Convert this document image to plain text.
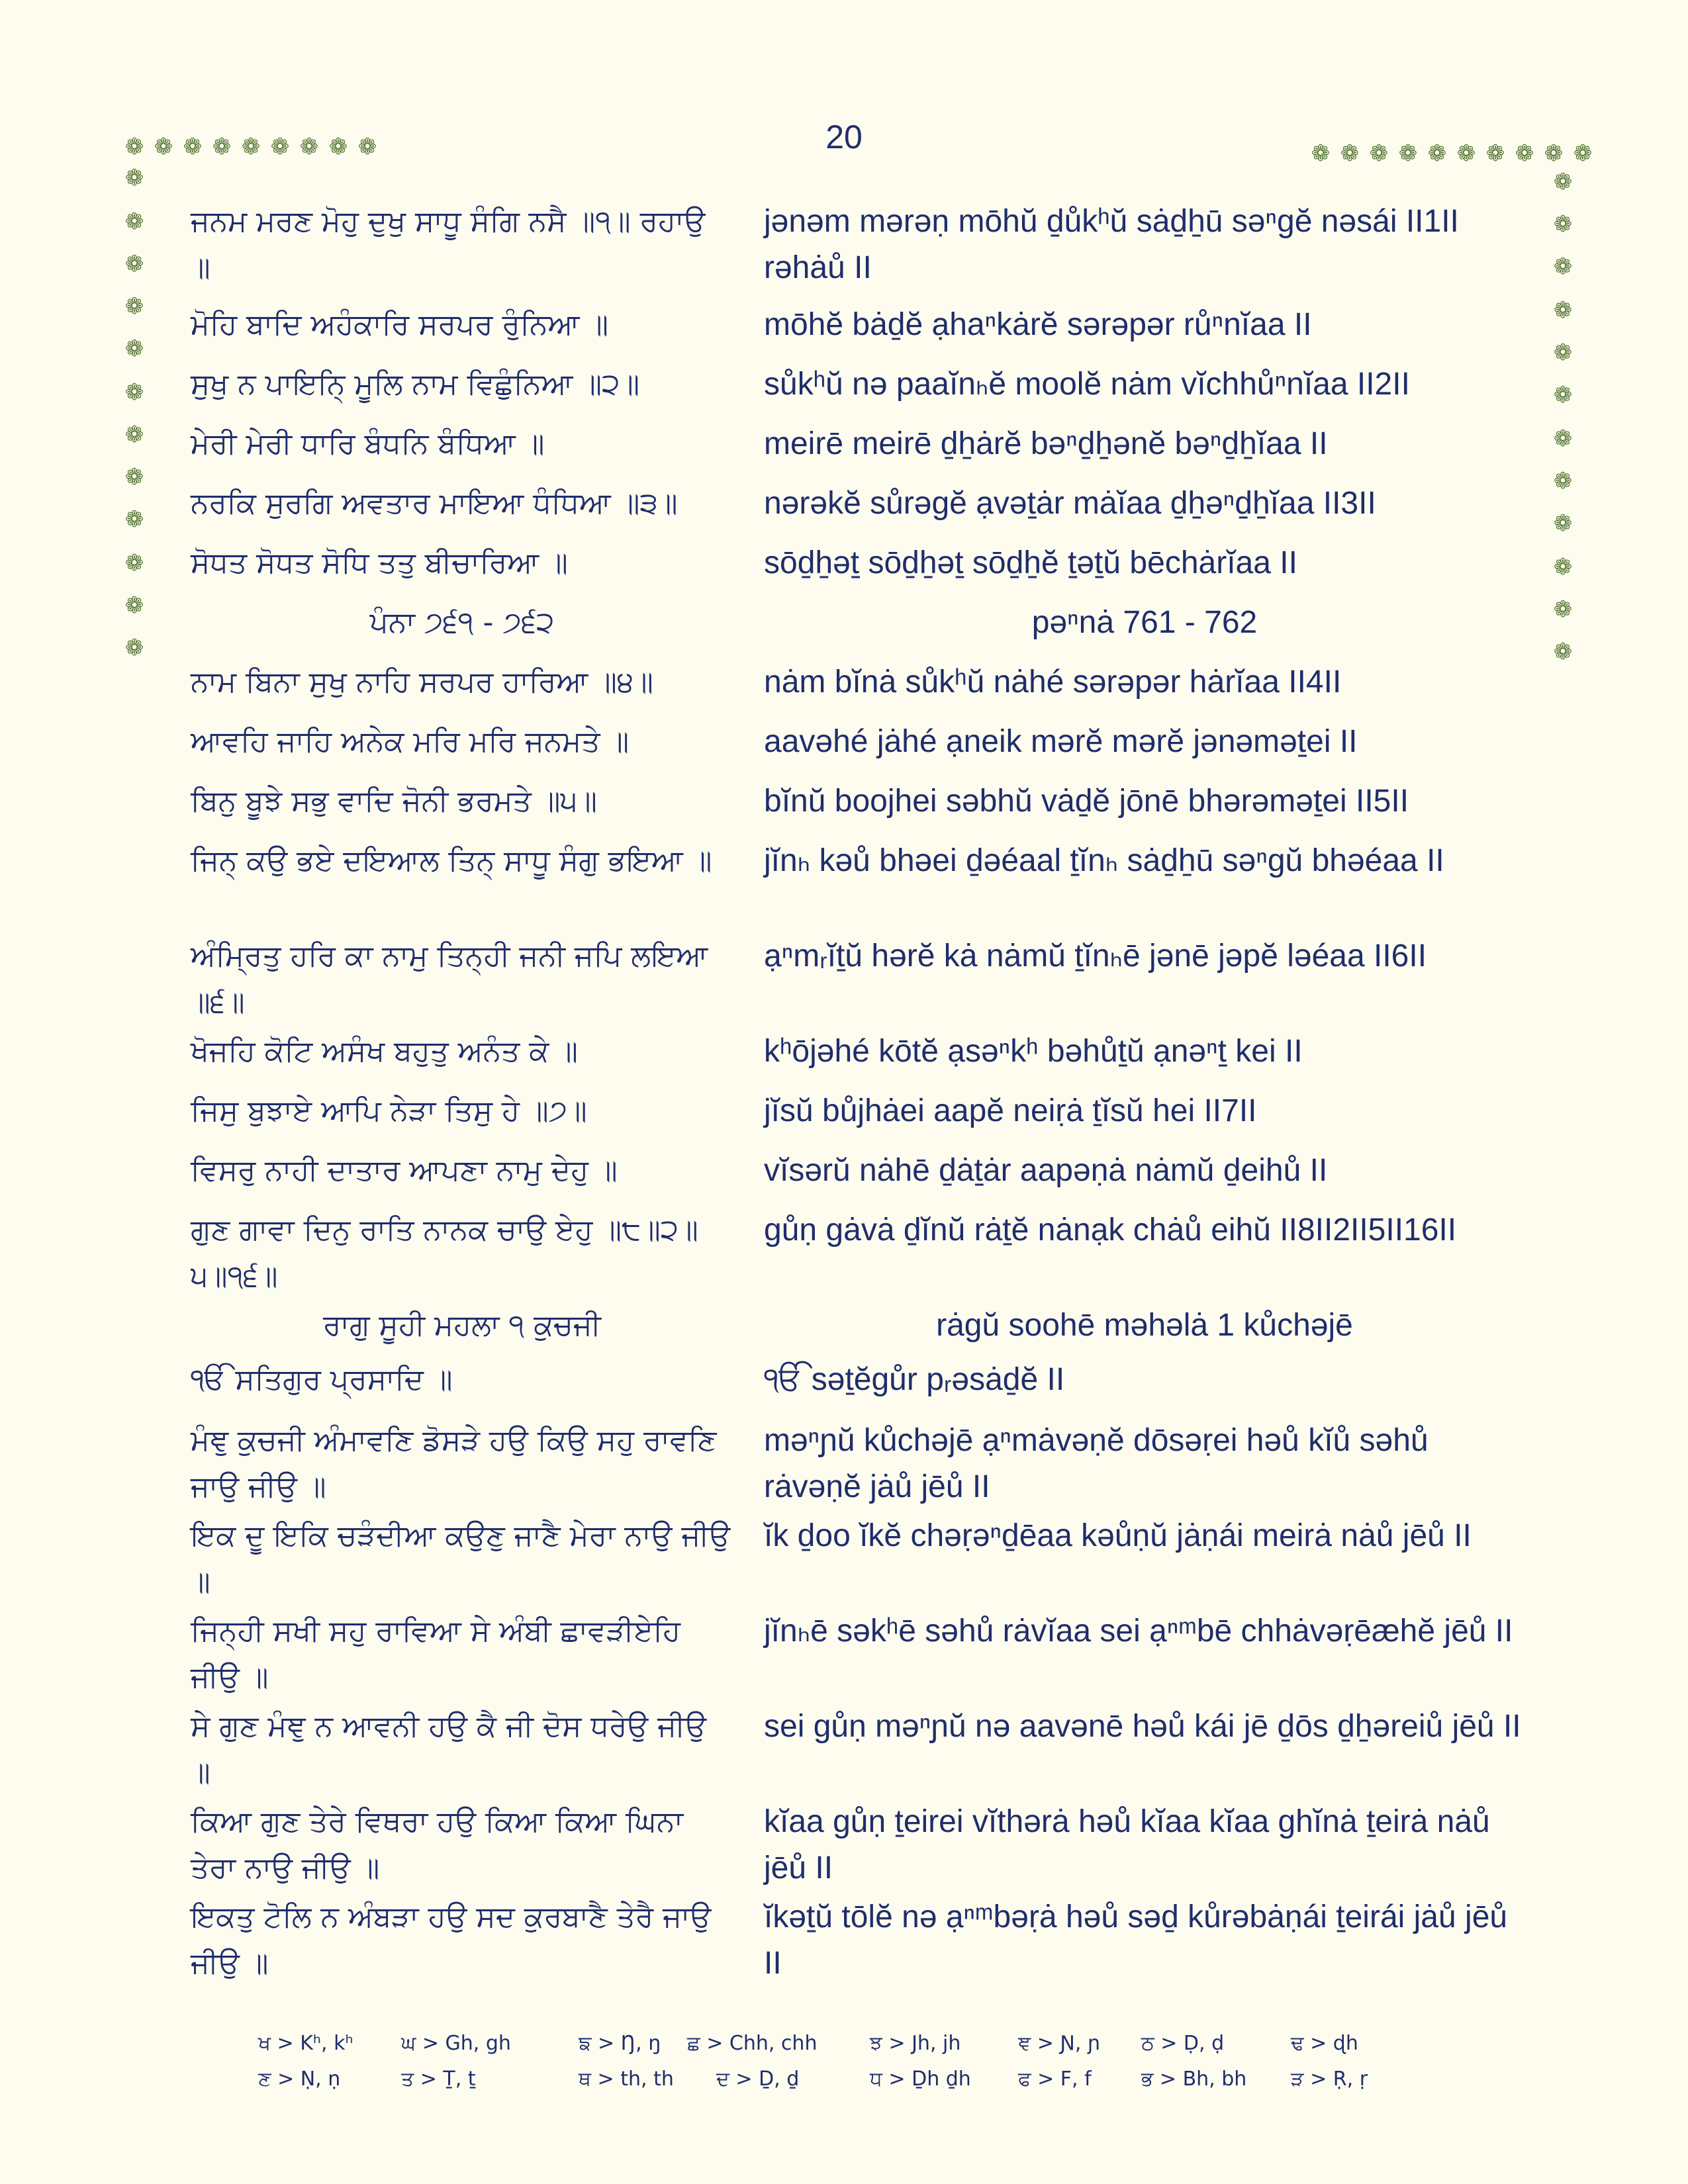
20
❁ ❁ ❁ ❁ ❁ ❁ ❁ ❁ ❁
❁
❁
❁
❁
❁
❁
❁
❁
❁
❁
❁
❁
❁ ❁ ❁ ❁ ❁ ❁ ❁ ❁ ❁ ❁
❁
❁
❁
❁
❁
❁
❁
❁
❁
❁
❁
❁
ਜਨਮ ਮਰਣ ਮੋਹੁ ਦੁਖੁ ਸਾਧੂ ਸੰਗਿ ਨਸੈ ॥੧॥ ਰਹਾਉ ॥
jənəm mərəṇ mōhŭ ḏůkʰŭ sȧḏẖū səⁿgĕ nəsái II1II rəhȧů II
ਮੋਹਿ ਬਾਦਿ ਅਹੰਕਾਰਿ ਸਰਪਰ ਰੁੰਨਿਆ ॥	mōhĕ bȧḏĕ ạhaⁿkȧrĕ sərəpər růⁿnĭaa II
ਸੁਖੁ ਨ ਪਾਇਨਿ੍ ਮੂਲਿ ਨਾਮ ਵਿਛੁੰਨਿਆ ॥੨॥	sůkʰŭ nə paaĭnₕĕ moolĕ nȧm vĭchhůⁿnĭaa II2II
ਮੇਰੀ ਮੇਰੀ ਧਾਰਿ ਬੰਧਨਿ ਬੰਧਿਆ ॥	meirē meirē ḏẖȧrĕ bəⁿḏẖənĕ bəⁿḏẖĭaa II
ਨਰਕਿ ਸੁਰਗਿ ਅਵਤਾਰ ਮਾਇਆ ਧੰਧਿਆ ॥੩॥	nərəkĕ sůrəgĕ ạvəṯȧr mȧĭaa ḏẖəⁿḏẖĭaa II3II
ਸੋਧਤ ਸੋਧਤ ਸੋਧਿ ਤਤੁ ਬੀਚਾਰਿਆ ॥	sōḏẖəṯ sōḏẖəṯ sōḏẖĕ ṯəṯŭ bēchȧrĭaa II
ਪੰਨਾ ੭੬੧ - ੭੬੨	pəⁿnȧ 761 - 762
ਨਾਮ ਬਿਨਾ ਸੁਖੁ ਨਾਹਿ ਸਰਪਰ ਹਾਰਿਆ ॥੪॥	nȧm bĭnȧ sůkʰŭ nȧhé sərəpər hȧrĭaa II4II
ਆਵਹਿ ਜਾਹਿ ਅਨੇਕ ਮਰਿ ਮਰਿ ਜਨਮਤੇ ॥	aavəhé jȧhé ạneik mərĕ mərĕ jənəməṯei II
ਬਿਨੁ ਬੂਝੇ ਸਭੁ ਵਾਦਿ ਜੋਨੀ ਭਰਮਤੇ ॥੫॥	bĭnŭ boojhei səbhŭ vȧḏĕ jōnē bhərəməṯei II5II
ਜਿਨ੍ ਕਉ ਭਏ ਦਇਆਲ ਤਿਨ੍ ਸਾਧੂ ਸੰਗੁ ਭਇਆ ॥	jĭnₕ kəů bhəei ḏəéaal ṯĭnₕ sȧḏẖū səⁿgŭ bhəéaa II
ਅੰਮ੍ਰਿਤੁ ਹਰਿ ਕਾ ਨਾਮੁ ਤਿਨ੍ਹੀ ਜਨੀ ਜਪਿ ਲਇਆ ॥੬॥
ạⁿmᵣĭṯŭ hərĕ kȧ nȧmŭ ṯĭnₕē jənē jəpĕ ləéaa II6II
ਖੋਜਹਿ ਕੋਟਿ ਅਸੰਖ ਬਹੁਤੁ ਅਨੰਤ ਕੇ ॥	kʰōjəhé kōtĕ ạsəⁿkʰ bəhůṯŭ ạnəⁿṯ kei II
ਜਿਸੁ ਬੁਝਾਏ ਆਪਿ ਨੇੜਾ ਤਿਸੁ ਹੇ ॥੭॥	jĭsŭ bůjhȧei aapĕ neiṛȧ ṯĭsŭ hei II7II
ਵਿਸਰੁ ਨਾਹੀ ਦਾਤਾਰ ਆਪਣਾ ਨਾਮੁ ਦੇਹੁ ॥	vĭsərŭ nȧhē ḏȧṯȧr aapəṇȧ nȧmŭ ḏeihů II
ਗੁਣ ਗਾਵਾ ਦਿਨੁ ਰਾਤਿ ਨਾਨਕ ਚਾਉ ਏਹੁ ॥੮॥੨॥੫॥੧੬॥
gůṇ gȧvȧ ḏĭnŭ rȧṯĕ nȧnạk chȧů eihŭ II8II2II5II16II
ਰਾਗੁ ਸੂਹੀ ਮਹਲਾ ੧ ਕੁਚਜੀ	rȧgŭ soohē məhəlȧ 1 kůchəjē
ੴ ਸਤਿਗੁਰ ਪ੍ਰਸਾਦਿ ॥	ੴ səṯĕgůr pᵣəsȧḏĕ II
ਮੰਞੁ ਕੁਚਜੀ ਅੰਮਾਵਣਿ ਡੋਸੜੇ ਹਉ ਕਿਉ ਸਹੁ ਰਾਵਣਿ ਜਾਉ ਜੀਉ ॥
məⁿɲŭ kůchəjē ạⁿmȧvəṇĕ dōsəṛei həů kĭů səhů rȧvəṇĕ jȧů jēů II
ਇਕ ਦੂ ਇਕਿ ਚੜੰਦੀਆ ਕਉਣੁ ਜਾਣੈ ਮੇਰਾ ਨਾਉ ਜੀਉ ॥
ĭk ḏoo ĭkĕ chəṛəⁿḏēaa kəůṇŭ jȧṇái meirȧ nȧů jēů II
ਜਿਨ੍ਹੀ ਸਖੀ ਸਹੁ ਰਾਵਿਆ ਸੇ ਅੰਬੀ ਛਾਵੜੀਏਹਿ ਜੀਉ ॥
jĭnₕē səkʰē səhů rȧvĭaa sei ạⁿᵐbē chhȧvəṛēæhĕ jēů II
ਸੇ ਗੁਣ ਮੰਞੁ ਨ ਆਵਨੀ ਹਉ ਕੈ ਜੀ ਦੋਸ ਧਰੇਉ ਜੀਉ ॥
sei gůṇ məⁿɲŭ nə aavənē həů kái jē ḏōs ḏẖəreiů jēů II
ਕਿਆ ਗੁਣ ਤੇਰੇ ਵਿਥਰਾ ਹਉ ਕਿਆ ਕਿਆ ਘਿਨਾ ਤੇਰਾ ਨਾਉ ਜੀਉ ॥
kĭaa gůṇ ṯeirei vĭthərȧ həů kĭaa kĭaa ghĭnȧ ṯeirȧ nȧů jēů II
ਇਕਤੁ ਟੋਲਿ ਨ ਅੰਬੜਾ ਹਉ ਸਦ ਕੁਰਬਾਣੈ ਤੇਰੈ ਜਾਉ ਜੀਉ ॥
ĭkəṯŭ tōlĕ nə ạⁿᵐbəṛȧ həů səḏ kůrəbȧṇái ṯeirái jȧů jēů II
ਖ > Kʰ, kʰ ਘ > Gh, gh	ਙ > Ŋ, ŋ ਛ > Chh, chh	ਝ > Jh, jh	ਞ > Ɲ, ɲ ਠ > Ḍ, ḍ	ਢ > ɖh
ਣ > Ṇ, ṇ	ਤ > Ṯ, ṯ	ਥ > th, th ਦ > Ḏ, ḏ	ਧ > Ḏh ḏh ਫ > F, f	ਭ > Bh, bh ੜ > Ṛ, ṛ
